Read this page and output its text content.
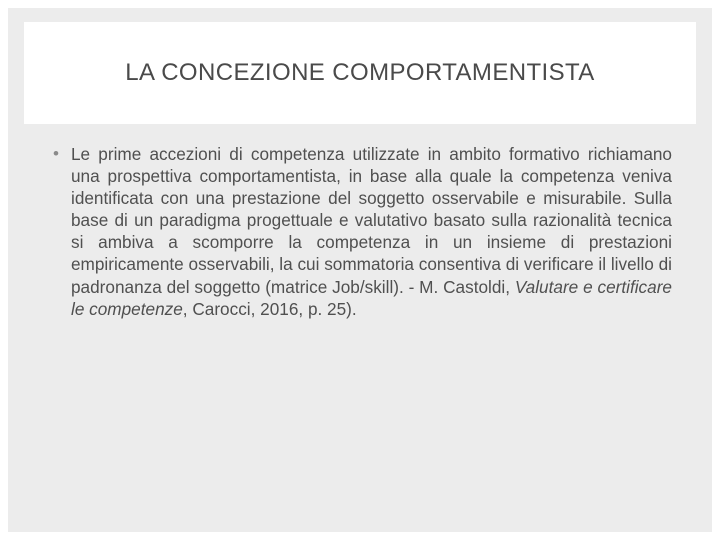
LA CONCEZIONE COMPORTAMENTISTA
• Le prime accezioni di competenza utilizzate in ambito formativo richiamano una prospettiva comportamentista, in base alla quale la competenza veniva identificata con una prestazione del soggetto osservabile e misurabile. Sulla base di un paradigma progettuale e valutativo basato sulla razionalità tecnica si ambiva a scomporre la competenza in un insieme di prestazioni empiricamente osservabili, la cui sommatoria consentiva di verificare il livello di padronanza del soggetto (matrice Job/skill). - M. Castoldi, Valutare e certificare le competenze, Carocci, 2016, p. 25).
